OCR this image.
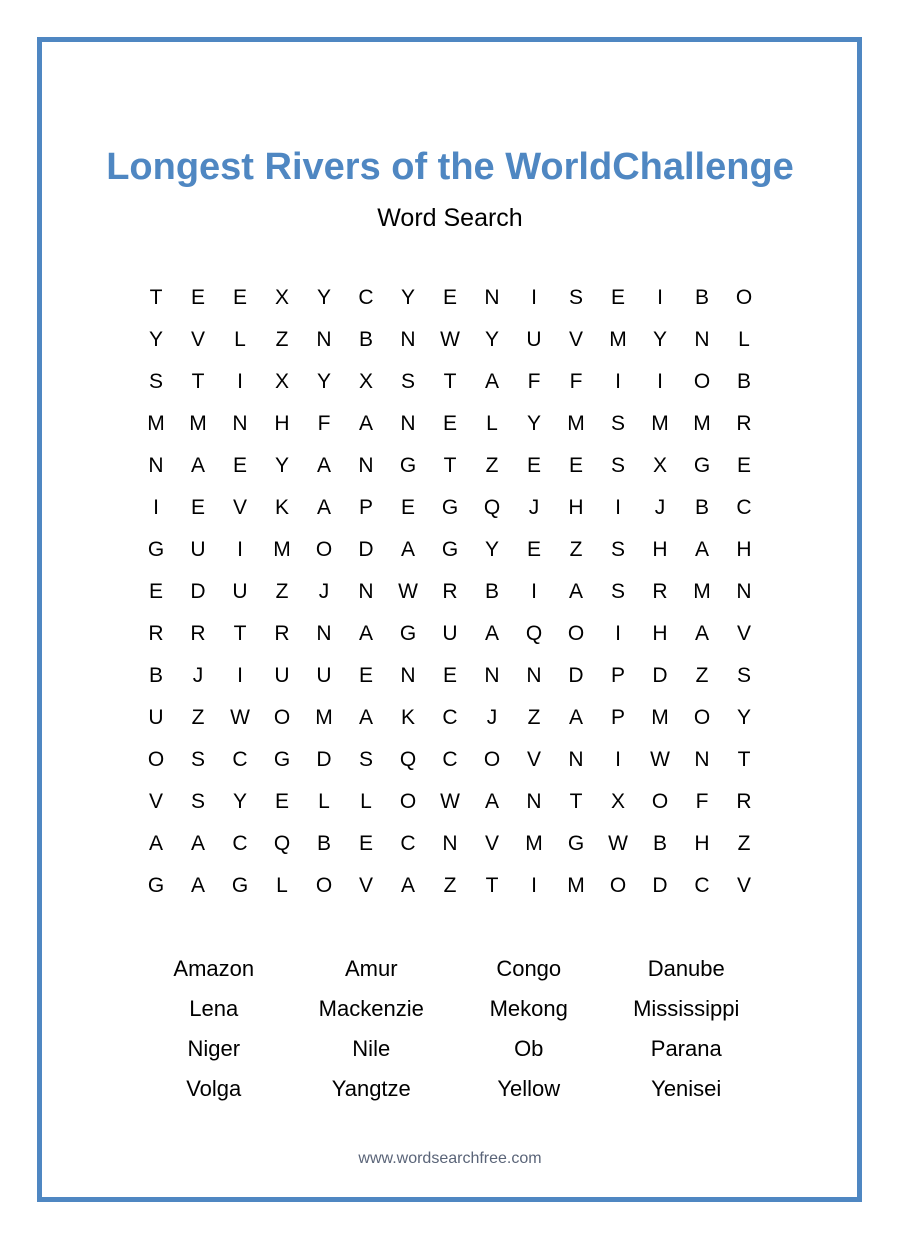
Longest Rivers of the WorldChallenge
Word Search
T	E	E	X	Y	C	Y	E	N	I	S	E	I	B	O
Y	V	L	Z	N	B	N	W	Y	U	V	M	Y	N	L
S	T	I	X	Y	X	S	T	A	F	F	I	I	O	B
M	M	N	H	F	A	N	E	L	Y	M	S	M	M	R
N	A	E	Y	A	N	G	T	Z	E	E	S	X	G	E
I	E	V	K	A	P	E	G	Q	J	H	I	J	B	C
G	U	I	M	O	D	A	G	Y	E	Z	S	H	A	H
E	D	U	Z	J	N	W	R	B	I	A	S	R	M	N
R	R	T	R	N	A	G	U	A	Q	O	I	H	A	V
B	J	I	U	U	E	N	E	N	N	D	P	D	Z	S
U	Z	W	O	M	A	K	C	J	Z	A	P	M	O	Y
O	S	C	G	D	S	Q	C	O	V	N	I	W	N	T
V	S	Y	E	L	L	O	W	A	N	T	X	O	F	R
A	A	C	Q	B	E	C	N	V	M	G	W	B	H	Z
G	A	G	L	O	V	A	Z	T	I	M	O	D	C	V
Amazon	Amur	Congo	Danube
Lena	Mackenzie	Mekong	Mississippi
Niger	Nile	Ob	Parana
Volga	Yangtze	Yellow	Yenisei
www.wordsearchfree.com
